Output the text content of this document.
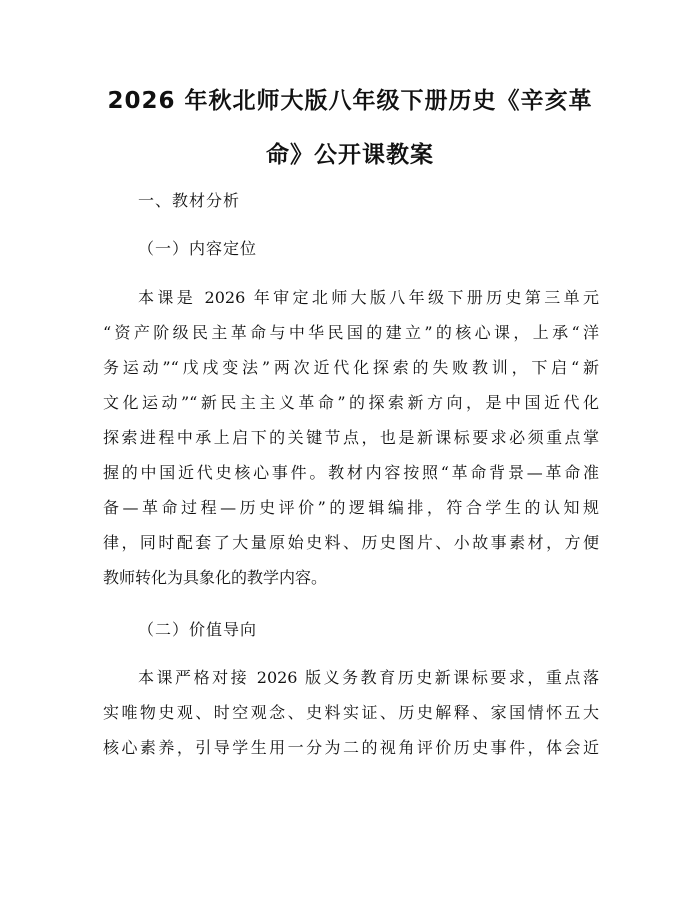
2026 年秋北师大版八年级下册历史《辛亥革
命》公开课教案
一、教材分析
（一）内容定位
本课是 2026 年审定北师大版八年级下册历史第三单元
“资产阶级民主革命与中华民国的建立”的核心课，上承“洋
务运动”“戊戌变法”两次近代化探索的失败教训，下启“新
文化运动”“新民主主义革命”的探索新方向，是中国近代化
探索进程中承上启下的关键节点，也是新课标要求必须重点掌
握的中国近代史核心事件。教材内容按照“革命背景—革命准
备—革命过程—历史评价”的逻辑编排，符合学生的认知规
律，同时配套了大量原始史料、历史图片、小故事素材，方便
教师转化为具象化的教学内容。
（二）价值导向
本课严格对接 2026 版义务教育历史新课标要求，重点落
实唯物史观、时空观念、史料实证、历史解释、家国情怀五大
核心素养，引导学生用一分为二的视角评价历史事件，体会近
